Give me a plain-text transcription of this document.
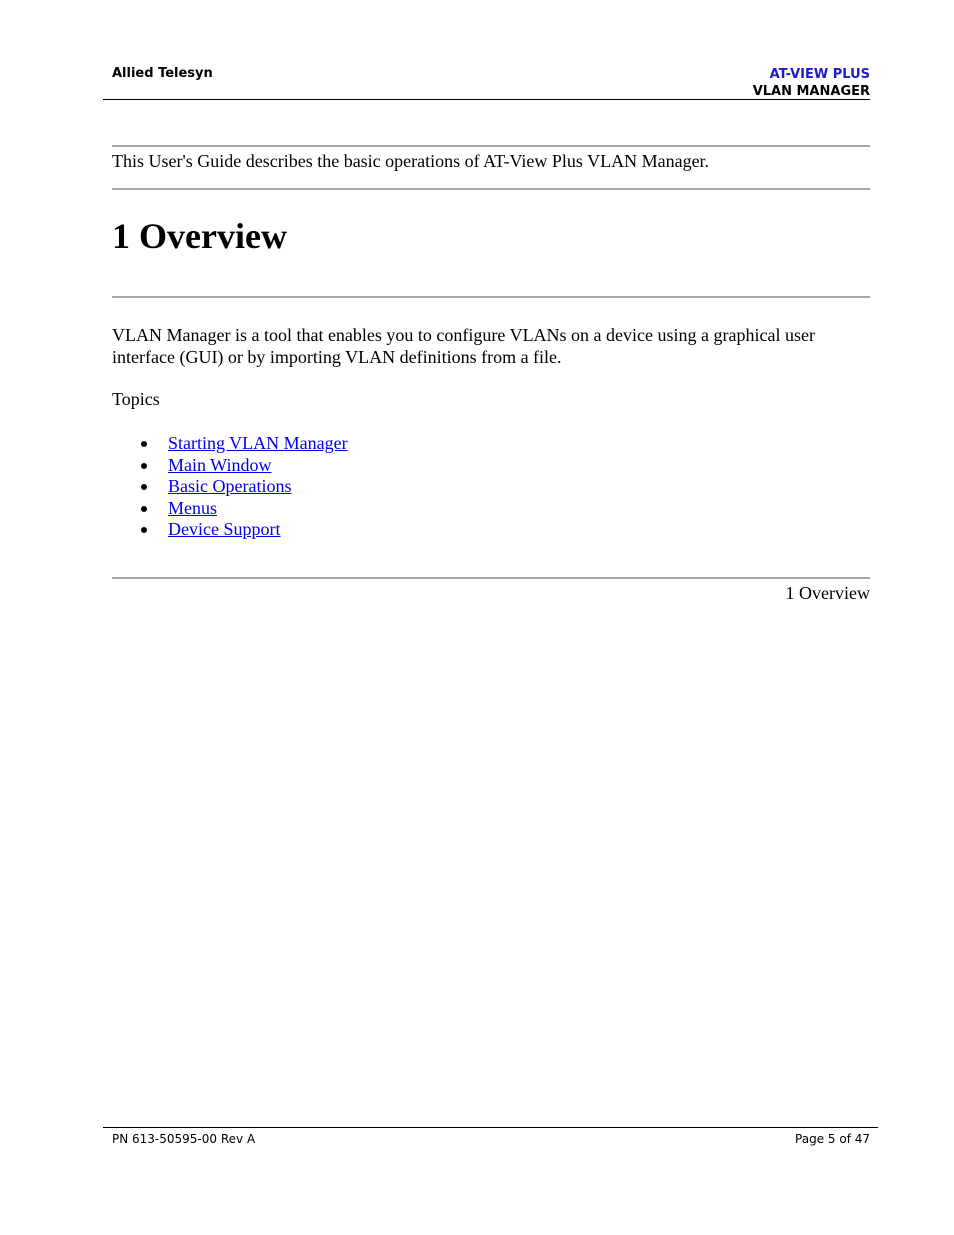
Allied Telesyn	AT-VIEW PLUS
VLAN MANAGER
This User's Guide describes the basic operations of AT-View Plus VLAN Manager.
1 Overview
VLAN Manager is a tool that enables you to configure VLANs on a device using a graphical user interface (GUI) or by importing VLAN definitions from a file.
Topics
Starting VLAN Manager
Main Window
Basic Operations
Menus
Device Support
1 Overview
PN 613-50595-00 Rev A	Page 5 of 47
